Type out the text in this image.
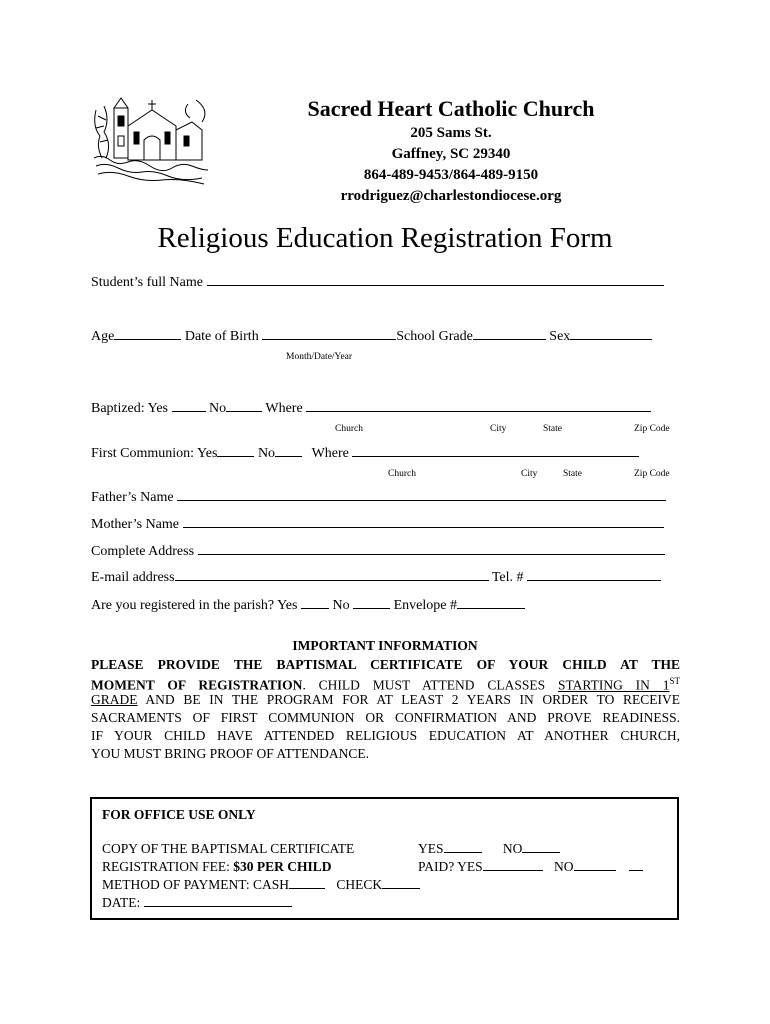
Sacred Heart Catholic Church
205 Sams St.
Gaffney, SC 29340
864-489-9453/864-489-9150
rrodriguez@charlestondiocese.org
Religious Education Registration Form
Student’s full Name
Age	Date of Birth	School Grade	Sex
Month/Date/Year
Baptized: Yes	No	Where
Church	City	State	Zip Code
First Communion: Yes	No	Where
Church	City	State	Zip Code
Father’s Name
Mother’s Name
Complete Address
E-mail address	Tel. #
Are you registered in the parish? Yes	No	Envelope #
IMPORTANT INFORMATION
PLEASE PROVIDE THE BAPTISMAL CERTIFICATE OF YOUR CHILD AT THE
MOMENT OF REGISTRATION. CHILD MUST ATTEND CLASSES STARTING IN 1ST
GRADE AND BE IN THE PROGRAM FOR AT LEAST 2 YEARS IN ORDER TO RECEIVE
SACRAMENTS OF FIRST COMMUNION OR CONFIRMATION AND PROVE READINESS.
IF YOUR CHILD HAVE ATTENDED RELIGIOUS EDUCATION AT ANOTHER CHURCH,
YOU MUST BRING PROOF OF ATTENDANCE.
FOR OFFICE USE ONLY
COPY OF THE BAPTISMAL CERTIFICATE	YES	NO
REGISTRATION FEE: $30 PER CHILD	PAID? YES	NO
METHOD OF PAYMENT: CASH	CHECK
DATE:
